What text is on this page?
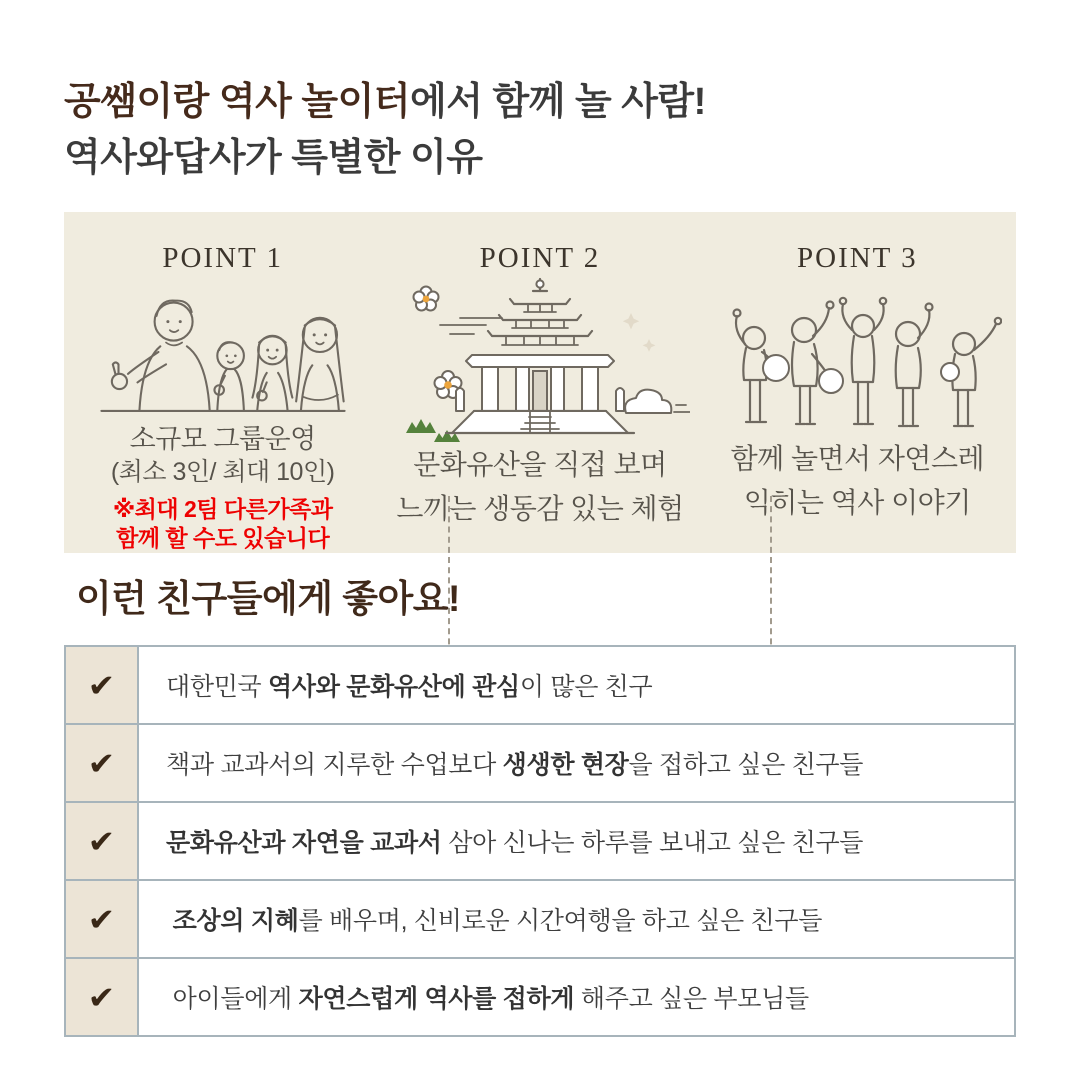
공쌤이랑 역사 놀이터에서 함께 놀 사람!
역사와답사가 특별한 이유
POINT 1
소규모 그룹운영
(최소 3인/ 최대 10인)
※최대 2팀 다른가족과
함께 할 수도 있습니다
POINT 2
문화유산을 직접 보며
느끼는 생동감 있는 체험
POINT 3
함께 놀면서 자연스레
익히는 역사 이야기
이런 친구들에게 좋아요!
✔ 대한민국 역사와 문화유산에 관심 이 많은 친구
✔ 책과 교과서의 지루한 수업보다 생생한 현장 을 접하고 싶은 친구들
✔ 문화유산과 자연을 교과서 삼아 신나는 하루를 보내고 싶은 친구들
✔
조상의 지혜 를 배우며, 신비로운 시간여행을 하고 싶은 친구들
✔ 아이들에게 자연스럽게 역사를 접하게 해주고 싶은 부모님들
